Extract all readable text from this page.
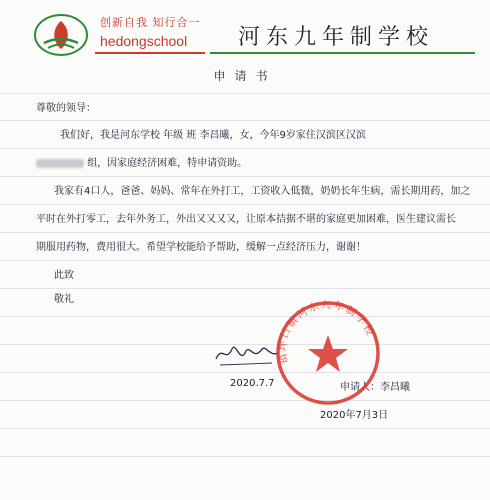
创新自我 知行合一
hedongschool 河东九年制学校
申请书
尊敬的领导：
我们好，我是河东学校 年级 班 李昌曦，女，今年9岁家住汉滨区汉滨
组，因家庭经济困难，特申请资助。
我家有4口人，爸爸、妈妈、常年在外打工，工资收入低微，奶奶长年生病，需长期用药，加之
平时在外打零工，去年外务工，外出又又又又，让原本拮据不堪的家庭更加困难，医生建议需长
期服用药物，费用很大。希望学校能给予帮助，缓解一点经济压力，谢谢！
此致
敬礼
2020.7.7	申请人：李昌曦
2020年7月3日
镇坪口镇河东九年制学校
